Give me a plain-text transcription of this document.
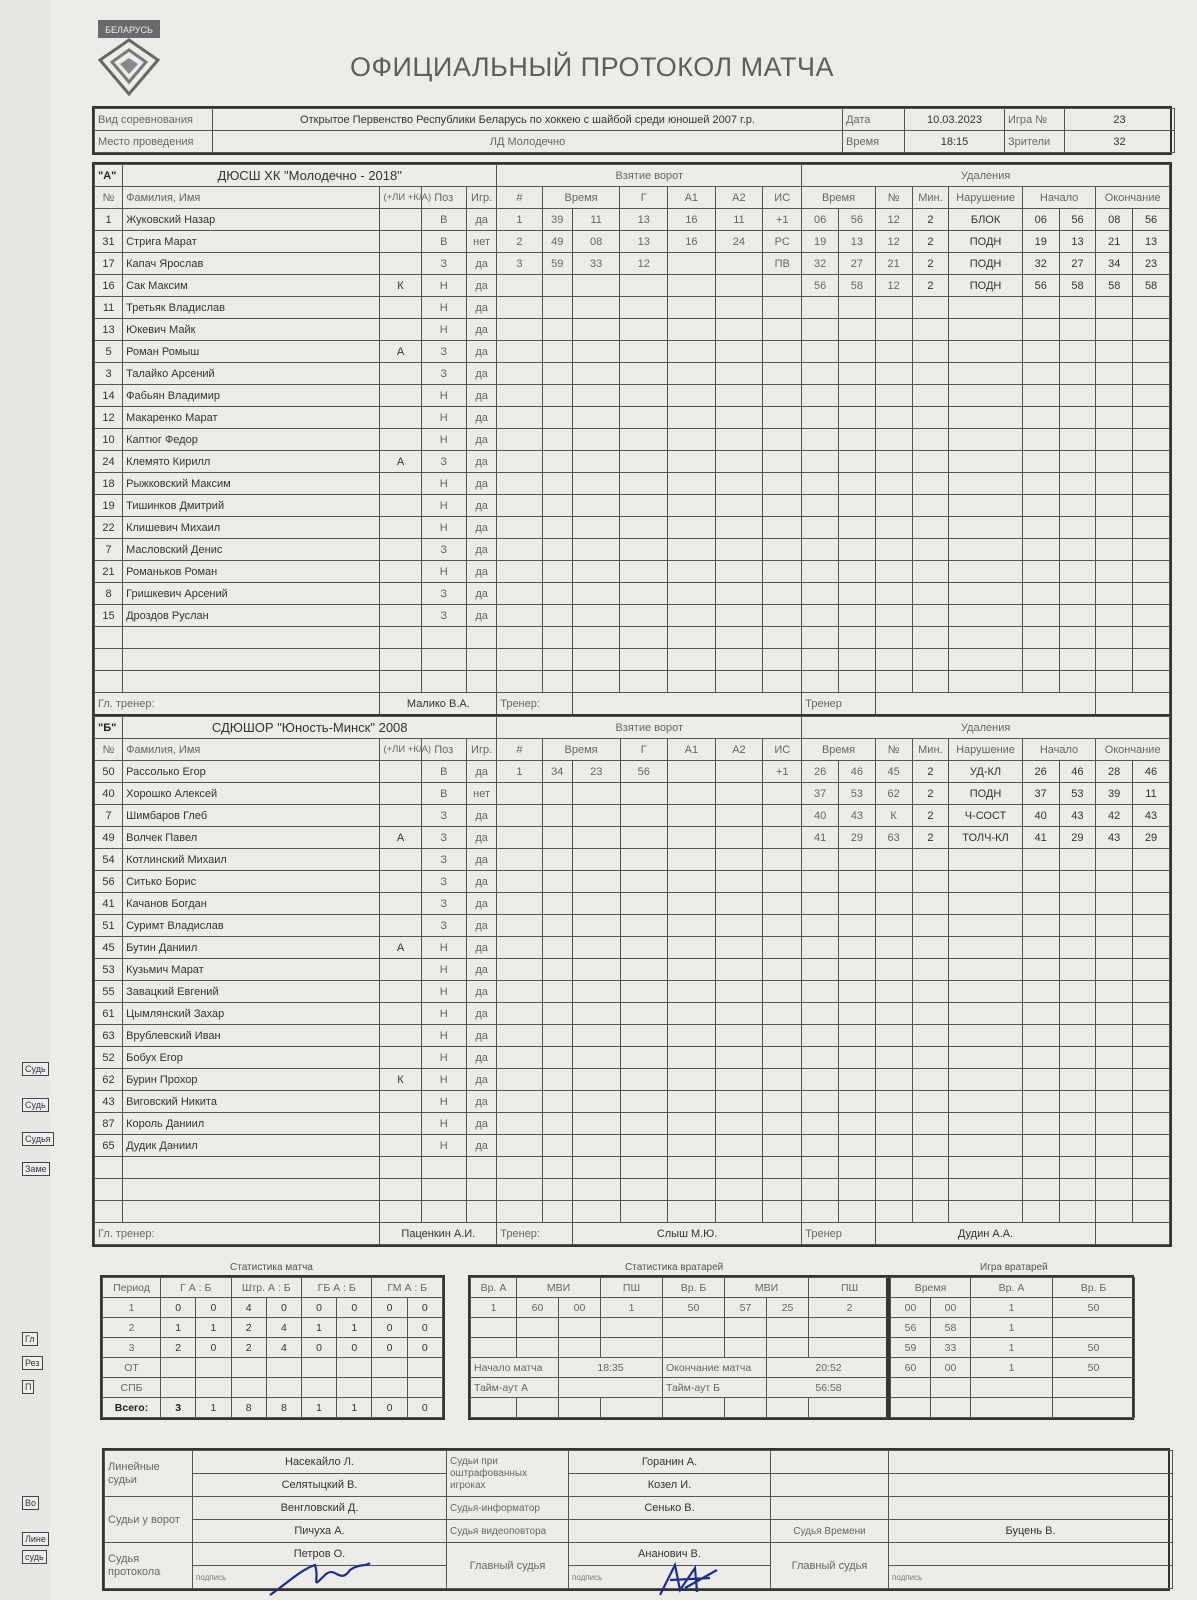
БЕЛАРУСЬ
ОФИЦИАЛЬНЫЙ ПРОТОКОЛ МАТЧА
Вид соревнования	Открытое Первенство Республики Беларусь по хоккею с шайбой среди юношей 2007 г.р.	Дата	10.03.2023	Игра №	23
Место проведения	ЛД Молодечно	Время	18:15	Зрители	32
"А"	ДЮСШ ХК "Молодечно - 2018"				Взятие ворот							Удаления								
№	Фамилия, Имя	(+ЛИ +К/А)	Поз	Игр.	#	Время		Г	А1	А2	ИС	Время		№	Мин.	Нарушение	Начало		Окончание	
1	Жуковский Назар		В	да	1	39	11	13	16	11	+1	06	56	12	2	БЛОК	06	56	08	56
31	Стрига Марат		В	нет	2	49	08	13	16	24	РС	19	13	12	2	ПОДН	19	13	21	13
17	Капач Ярослав		З	да	3	59	33	12			ПВ	32	27	21	2	ПОДН	32	27	34	23
16	Сак Максим	К	Н	да								56	58	12	2	ПОДН	56	58	58	58
11	Третьяк Владислав		Н	да																
13	Юкевич Майк		Н	да																
5	Роман Ромыш	А	З	да																
3	Талайко Арсений		З	да																
14	Фабьян Владимир		Н	да																
12	Макаренко Марат		Н	да																
10	Каптюг Федор		Н	да																
24	Клемято Кирилл	А	З	да																
18	Рыжковский Максим		Н	да																
19	Тишинков Дмитрий		Н	да																
22	Клишевич Михаил		Н	да																
7	Масловский Денис		З	да																
21	Романьков Роман		Н	да																
8	Гришкевич Арсений		З	да																
15	Дроздов Руслан		З	да																

Гл. тренер:		Малико В.А.			Тренер:							Тренер								
"Б"	СДЮШОР "Юность-Минск" 2008				Взятие ворот							Удаления								
№	Фамилия, Имя	(+ЛИ +К/А)	Поз	Игр.	#	Время		Г	А1	А2	ИС	Время		№	Мин.	Нарушение	Начало		Окончание	
50	Рассолько Егор		В	да	1	34	23	56			+1	26	46	45	2	УД-КЛ	26	46	28	46
40	Хорошко Алексей		В	нет								37	53	62	2	ПОДН	37	53	39	11
7	Шимбаров Глеб		З	да								40	43	К	2	Ч-СОСТ	40	43	42	43
49	Волчек Павел	А	З	да								41	29	63	2	ТОЛЧ-КЛ	41	29	43	29
54	Котлинский Михаил		З	да																
56	Ситько Борис		З	да																
41	Качанов Богдан		З	да																
51	Суримт Владислав		З	да																
45	Бутин Даниил	А	Н	да																
53	Кузьмич Марат		Н	да																
55	Завацкий Евгений		Н	да																
61	Цымлянский Захар		Н	да																
63	Врублевский Иван		Н	да																
52	Бобух Егор		Н	да																
62	Бурин Прохор	К	Н	да																
43	Виговский Никита		Н	да																
87	Король Даниил		Н	да																
65	Дудик Даниил		Н	да																

Гл. тренер:		Паценкин А.И.			Тренер:		Слыш М.Ю.					Тренер		Дудин А.А.						
Статистика матча
Период	Г А : Б		Штр. А : Б		ГБ А : Б		ГМ А : Б	
1	0	0	4	0	0	0	0	0
2	1	1	2	4	1	1	0	0
3	2	0	2	4	0	0	0	0
ОТ								
СПБ								
Всего:	3	1	8	8	1	1	0	0
Статистика вратарей
Вр. А	МВИ		ПШ	Вр. Б	МВИ		ПШ
1	60	00	1	50	57	25	2

Начало матча		18:35		Окончание матча		20:52	
Тайм-аут А				Тайм-аут Б		56:58	

Игра вратарей
Время		Вр. А	Вр. Б
00	00	1	50
56	58	1	
59	33	1	50
60	00	1	50

Линейные судьи	Насекайло Л.	Судьи при оштрафованных игроках	Горанин А.		
	Селятыцкий В.		Козел И.		
Судьи у ворот	Венгловский Д.	Судья-информатор	Сенько В.		
	Пичуха А.	Судья видеоповтора		Судья Времени	Буцень В.
Судья протокола	Петров О.	Главный судья	Ананович В.	Главный судья	
	подпись		подпись		подпись
Судь
Судь
Судья
Заме
Гл
Рез
П
Во
Лине
судь
